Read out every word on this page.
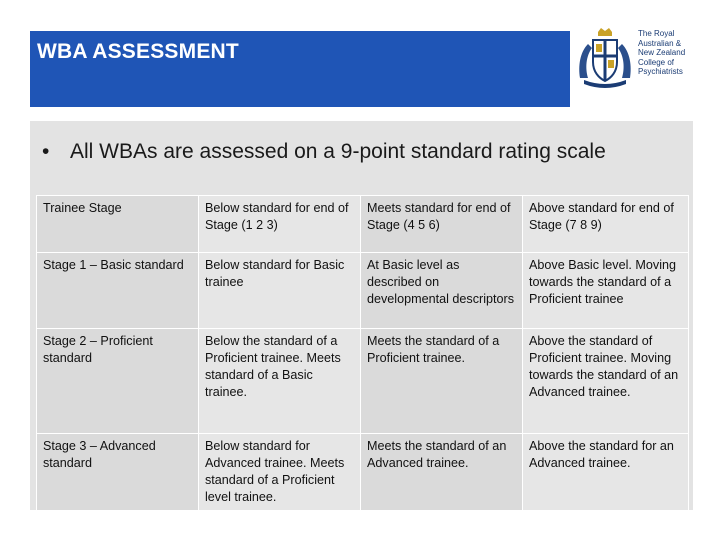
WBA ASSESSMENT
The Royal
Australian &
New Zealand
College of
Psychiatrists
• All WBAs are assessed on a 9-point standard rating scale
Trainee Stage	Below standard for end of Stage (1 2 3)	Meets standard for end of Stage (4 5 6)	Above standard for end of Stage (7 8 9)
Stage 1 – Basic standard	Below standard for Basic trainee	At Basic level as described on developmental descriptors	Above Basic level. Moving towards the standard of a Proficient trainee
Stage 2 – Proficient standard	Below the standard of a Proficient trainee. Meets standard of a Basic trainee.	Meets the standard of a Proficient trainee.	Above the standard of Proficient trainee. Moving towards the standard of an Advanced trainee.
Stage 3 – Advanced standard	Below standard for Advanced trainee. Meets standard of a Proficient level trainee.	Meets the standard of an Advanced trainee.	Above the standard for an Advanced trainee.
